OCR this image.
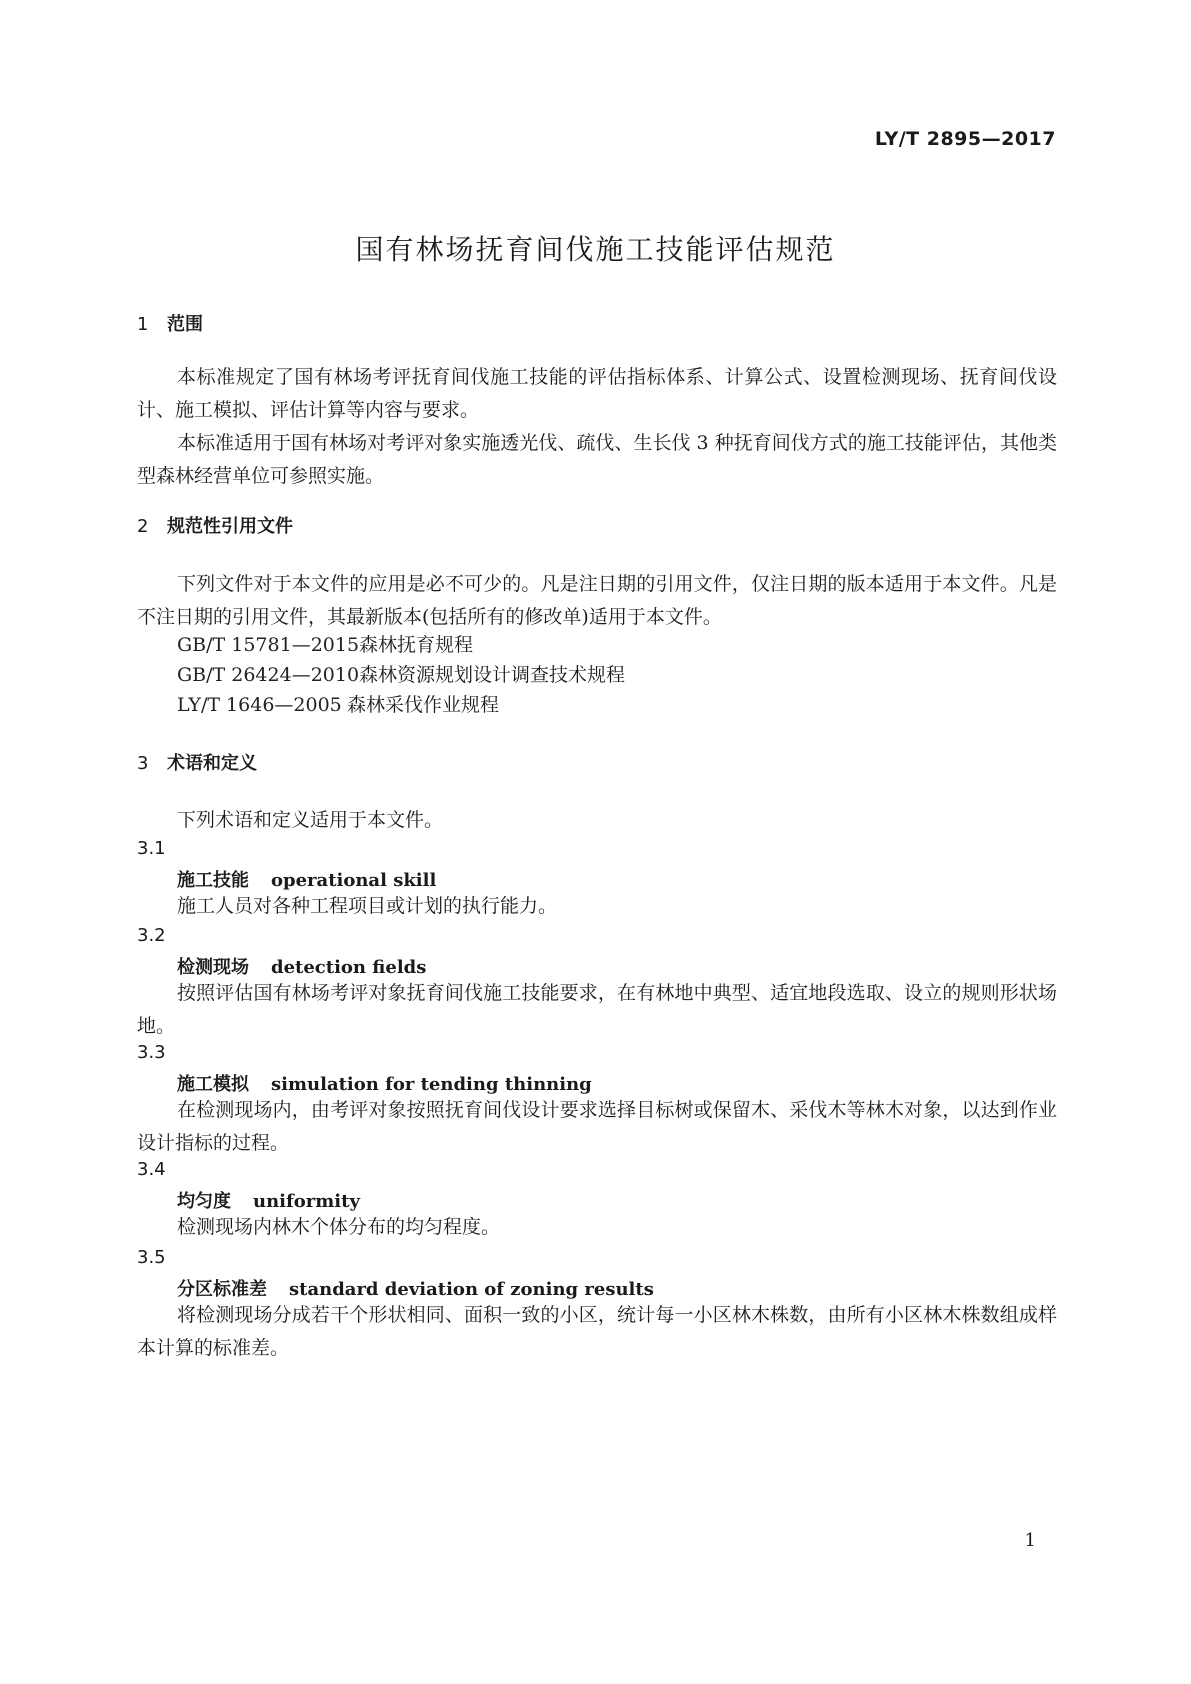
LY/T 2895—2017
国有林场抚育间伐施工技能评估规范
1 范围

本标准规定了国有林场考评抚育间伐施工技能的评估指标体系、计算公式、设置检测现场、抚育间伐设计、施工模拟、评估计算等内容与要求。

本标准适用于国有林场对考评对象实施透光伐、疏伐、生长伐 3 种抚育间伐方式的施工技能评估，其他类型森林经营单位可参照实施。

2 规范性引用文件

下列文件对于本文件的应用是必不可少的。凡是注日期的引用文件，仅注日期的版本适用于本文件。凡是不注日期的引用文件，其最新版本(包括所有的修改单)适用于本文件。

GB/T 15781—2015森林抚育规程
GB/T 26424—2010森林资源规划设计调查技术规程
LY/T 1646—2005 森林采伐作业规程
3 术语和定义
下列术语和定义适用于本文件。
3.1
施工技能 operational skill

施工人员对各种工程项目或计划的执行能力。

3.2
检测现场 detection fields

按照评估国有林场考评对象抚育间伐施工技能要求，在有林地中典型、适宜地段选取、设立的规则形状场地。

3.3
施工模拟 simulation for tending thinning

在检测现场内，由考评对象按照抚育间伐设计要求选择目标树或保留木、采伐木等林木对象，以达到作业设计指标的过程。

3.4
均匀度 uniformity

检测现场内林木个体分布的均匀程度。

3.5
分区标准差 standard deviation of zoning results

将检测现场分成若干个形状相同、面积一致的小区，统计每一小区林木株数，由所有小区林木株数组成样本计算的标准差。

1
